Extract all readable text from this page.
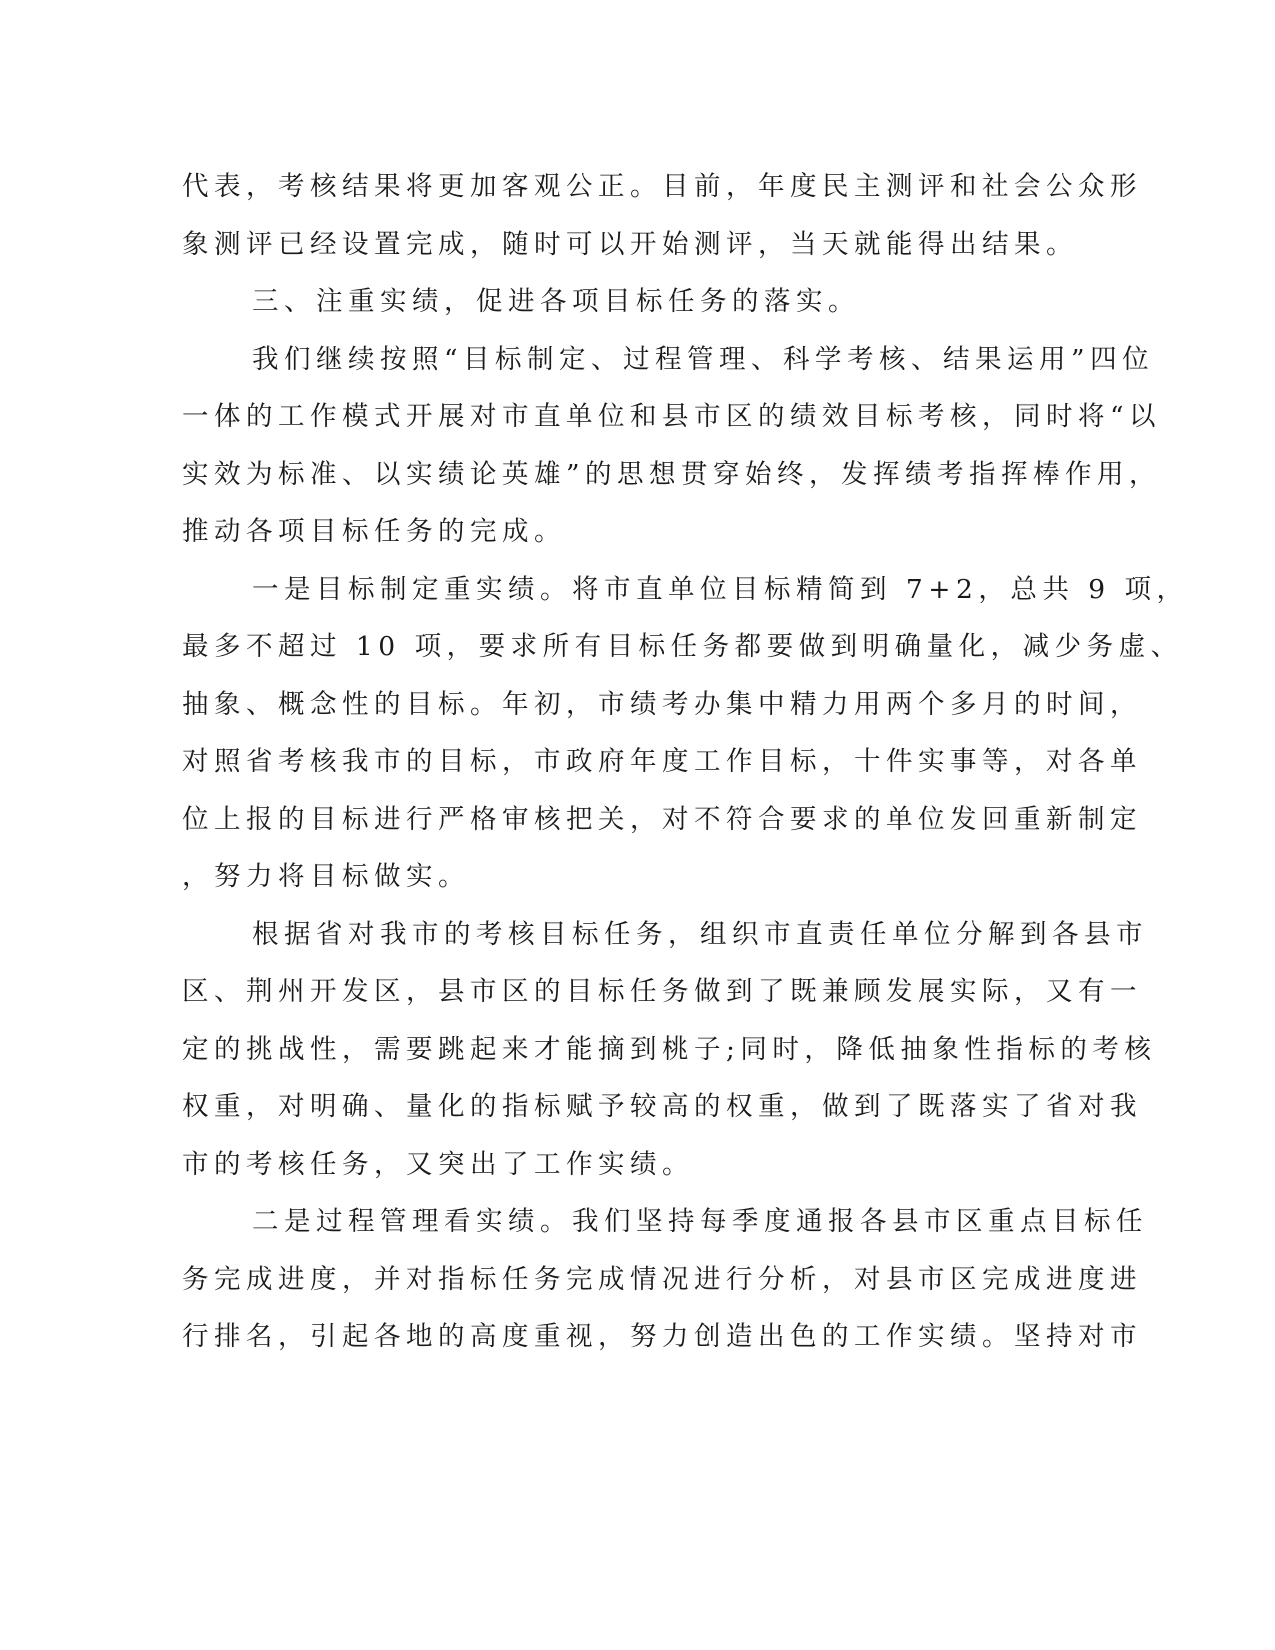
代表，考核结果将更加客观公正。目前，年度民主测评和社会公众形
象测评已经设置完成，随时可以开始测评，当天就能得出结果。
三、注重实绩，促进各项目标任务的落实。
我们继续按照“目标制定、过程管理、科学考核、结果运用”四位
一体的工作模式开展对市直单位和县市区的绩效目标考核，同时将“以
实效为标准、以实绩论英雄”的思想贯穿始终，发挥绩考指挥棒作用，
推动各项目标任务的完成。
一是目标制定重实绩。将市直单位目标精简到 7+2，总共 9 项，
最多不超过 10 项，要求所有目标任务都要做到明确量化，减少务虚、
抽象、概念性的目标。年初，市绩考办集中精力用两个多月的时间，
对照省考核我市的目标，市政府年度工作目标，十件实事等，对各单
位上报的目标进行严格审核把关，对不符合要求的单位发回重新制定
，努力将目标做实。
根据省对我市的考核目标任务，组织市直责任单位分解到各县市
区、荆州开发区，县市区的目标任务做到了既兼顾发展实际，又有一
定的挑战性，需要跳起来才能摘到桃子;同时，降低抽象性指标的考核
权重，对明确、量化的指标赋予较高的权重，做到了既落实了省对我
市的考核任务，又突出了工作实绩。
二是过程管理看实绩。我们坚持每季度通报各县市区重点目标任
务完成进度，并对指标任务完成情况进行分析，对县市区完成进度进
行排名，引起各地的高度重视，努力创造出色的工作实绩。坚持对市
